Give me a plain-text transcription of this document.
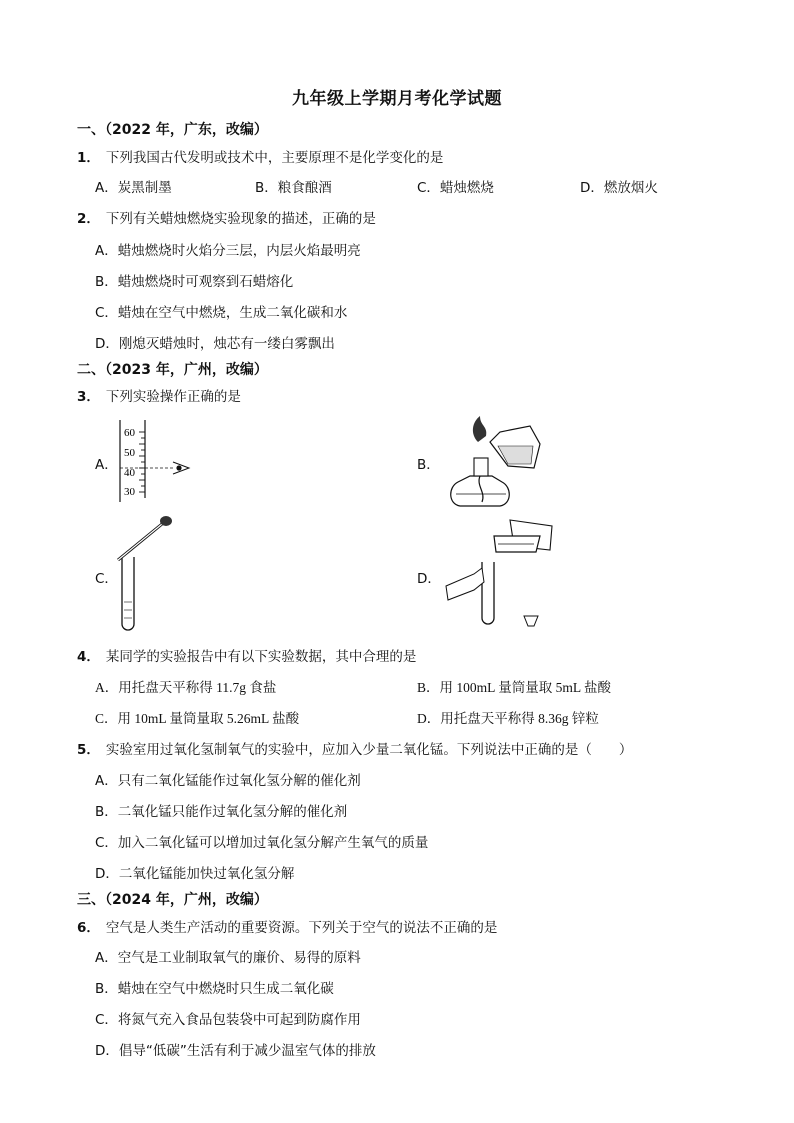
九年级上学期月考化学试题
一、（2022 年，广东，改编）
1． 下列我国古代发明或技术中，主要原理不是化学变化的是
A．炭黑制墨	B．粮食酿酒	C．蜡烛燃烧	D．燃放烟火
2． 下列有关蜡烛燃烧实验现象的描述，正确的是
A．蜡烛燃烧时火焰分三层，内层火焰最明亮
B．蜡烛燃烧时可观察到石蜡熔化
C．蜡烛在空气中燃烧，生成二氧化碳和水
D．刚熄灭蜡烛时，烛芯有一缕白雾飘出
二、（2023 年，广州，改编）
3． 下列实验操作正确的是
A．	B．
C．	D．
60
50
40
30
4． 某同学的实验报告中有以下实验数据，其中合理的是
A．用托盘天平称得 11.7g 食盐	B．用 100mL 量筒量取 5mL 盐酸
C．用 10mL 量筒量取 5.26mL 盐酸	D．用托盘天平称得 8.36g 锌粒
5． 实验室用过氧化氢制氧气的实验中，应加入少量二氧化锰。下列说法中正确的是（　　）
A．只有二氧化锰能作过氧化氢分解的催化剂
B．二氧化锰只能作过氧化氢分解的催化剂
C．加入二氧化锰可以增加过氧化氢分解产生氧气的质量
D．二氧化锰能加快过氧化氢分解
三、（2024 年，广州，改编）
6． 空气是人类生产活动的重要资源。下列关于空气的说法不正确的是
A．空气是工业制取氧气的廉价、易得的原料
B．蜡烛在空气中燃烧时只生成二氧化碳
C．将氮气充入食品包装袋中可起到防腐作用
D．倡导“低碳”生活有利于减少温室气体的排放
